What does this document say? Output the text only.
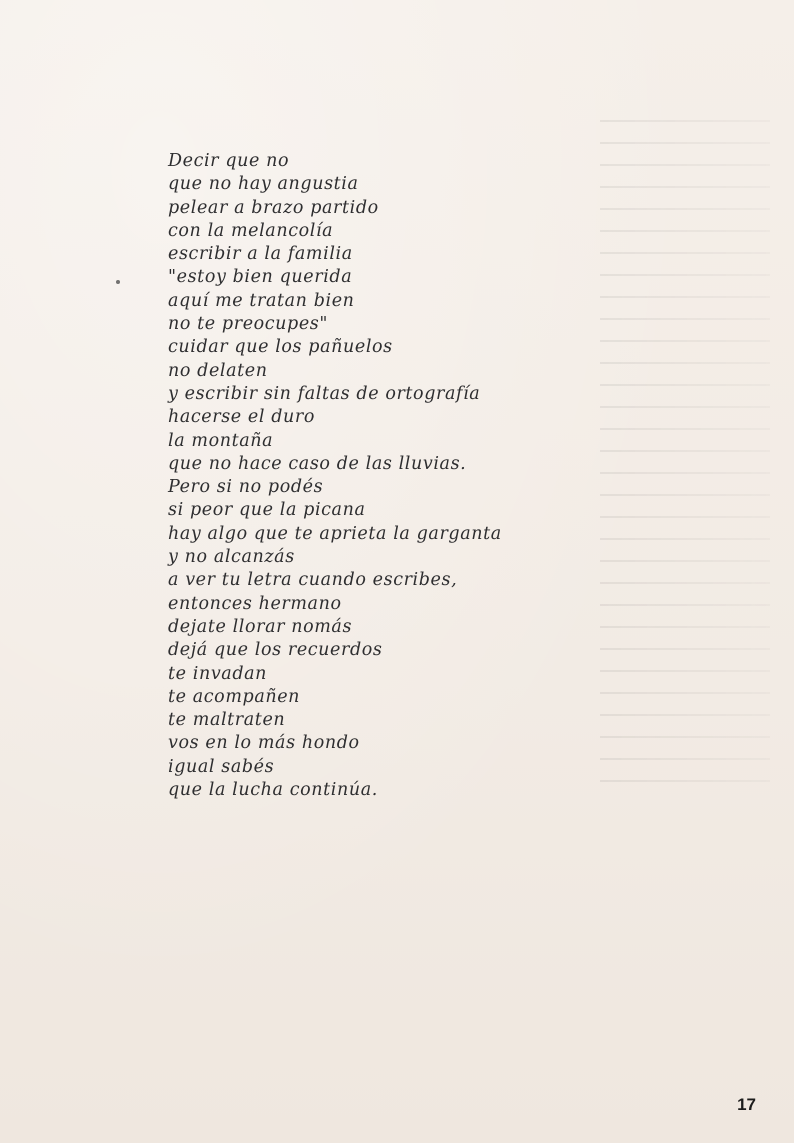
Decir que no
que no hay angustia
pelear a brazo partido
con la melancolía
escribir a la familia
"estoy bien querida
aquí me tratan bien
no te preocupes"
cuidar que los pañuelos
no delaten
y escribir sin faltas de ortografía
hacerse el duro
la montaña
que no hace caso de las lluvias.
Pero si no podés
si peor que la picana
hay algo que te aprieta la garganta
y no alcanzás
a ver tu letra cuando escribes,
entonces hermano
dejate llorar nomás
dejá que los recuerdos
te invadan
te acompañen
te maltraten
vos en lo más hondo
igual sabés
que la lucha continúa.
17
